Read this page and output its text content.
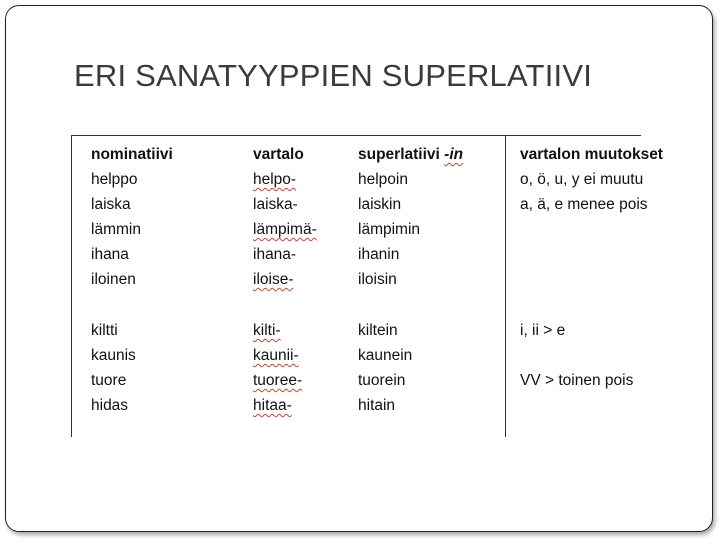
ERI SANATYYPPIEN SUPERLATIIVI
nominatiivi	vartalo	superlatiivi -in	vartalon muutokset
helppo	helpo-	helpoin	o, ö, u, y ei muutu
laiska	laiska-	laiskin	a, ä, e menee pois
lämmin	lämpimä-	lämpimin
ihana	ihana-	ihanin
iloinen	iloise-	iloisin
kiltti	kilti-	kiltein	i, ii > e
kaunis	kaunii-	kaunein
tuore	tuoree-	tuorein	VV > toinen pois
hidas	hitaa-	hitain
